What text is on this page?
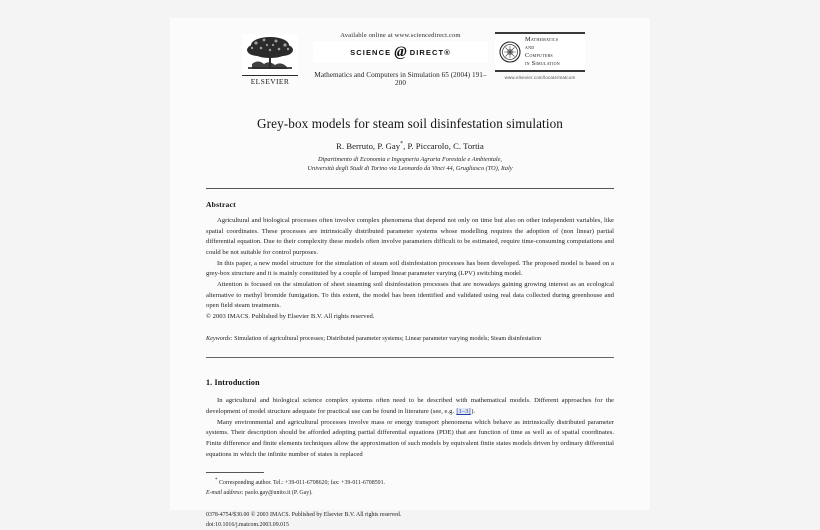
ELSEVIER
Available online at www.sciencedirect.com
SCIENCE @ DIRECT®
Mathematics and Computers in Simulation 65 (2004) 191–200
Mathematics
and
Computers
in Simulation
www.elsevier.com/locate/matcom
Grey-box models for steam soil disinfestation simulation
R. Berruto, P. Gay*, P. Piccarolo, C. Tortia
Dipartimento di Economia e Ingegneria Agraria Forestale e Ambientale,
Università degli Studi di Torino via Leonardo da Vinci 44, Grugliasco (TO), Italy
Abstract

Agricultural and biological processes often involve complex phenomena that depend not only on time but also on other independent variables, like spatial coordinates. These processes are intrinsically distributed parameter systems whose modelling requires the adoption of (non linear) partial differential equation. Due to their complexity these models often involve parameters difficult to be estimated, require time-consuming computations and could be not suitable for control purposes.

In this paper, a new model structure for the simulation of steam soil disinfestation processes has been developed. The proposed model is based on a grey-box structure and it is mainly constituted by a couple of lumped linear parameter varying (LPV) switching model.

Attention is focused on the simulation of sheet steaming soil disinfestation processes that are nowadays gaining growing interest as an ecological alternative to methyl bromide fumigation. To this extent, the model has been identified and validated using real data collected during greenhouse and open field steam treatments.

© 2003 IMACS. Published by Elsevier B.V. All rights reserved.

Keywords: Simulation of agricultural processes; Distributed parameter systems; Linear parameter varying models; Steam disinfestation
1. Introduction

In agricultural and biological science complex systems often need to be described with mathematical models. Different approaches for the development of model structure adequate for practical use can be found in literature (see, e.g. [1–3]).

Many environmental and agricultural processes involve mass or energy transport phenomena which behave as intrinsically distributed parameter systems. Their description should be afforded adopting partial differential equations (PDE) that are function of time as well as of spatial coordinates. Finite difference and finite elements techniques allow the approximation of such models by equivalent finite states models driven by ordinary differential equations in which the infinite number of states is replaced

* Corresponding author. Tel.: +39-011-6708620; fax: +39-011-6708591.

E-mail address: paolo.gay@unito.it (P. Gay).

0378-4754/$30.00 © 2003 IMACS. Published by Elsevier B.V. All rights reserved.
doi:10.1016/j.matcom.2003.09.015
